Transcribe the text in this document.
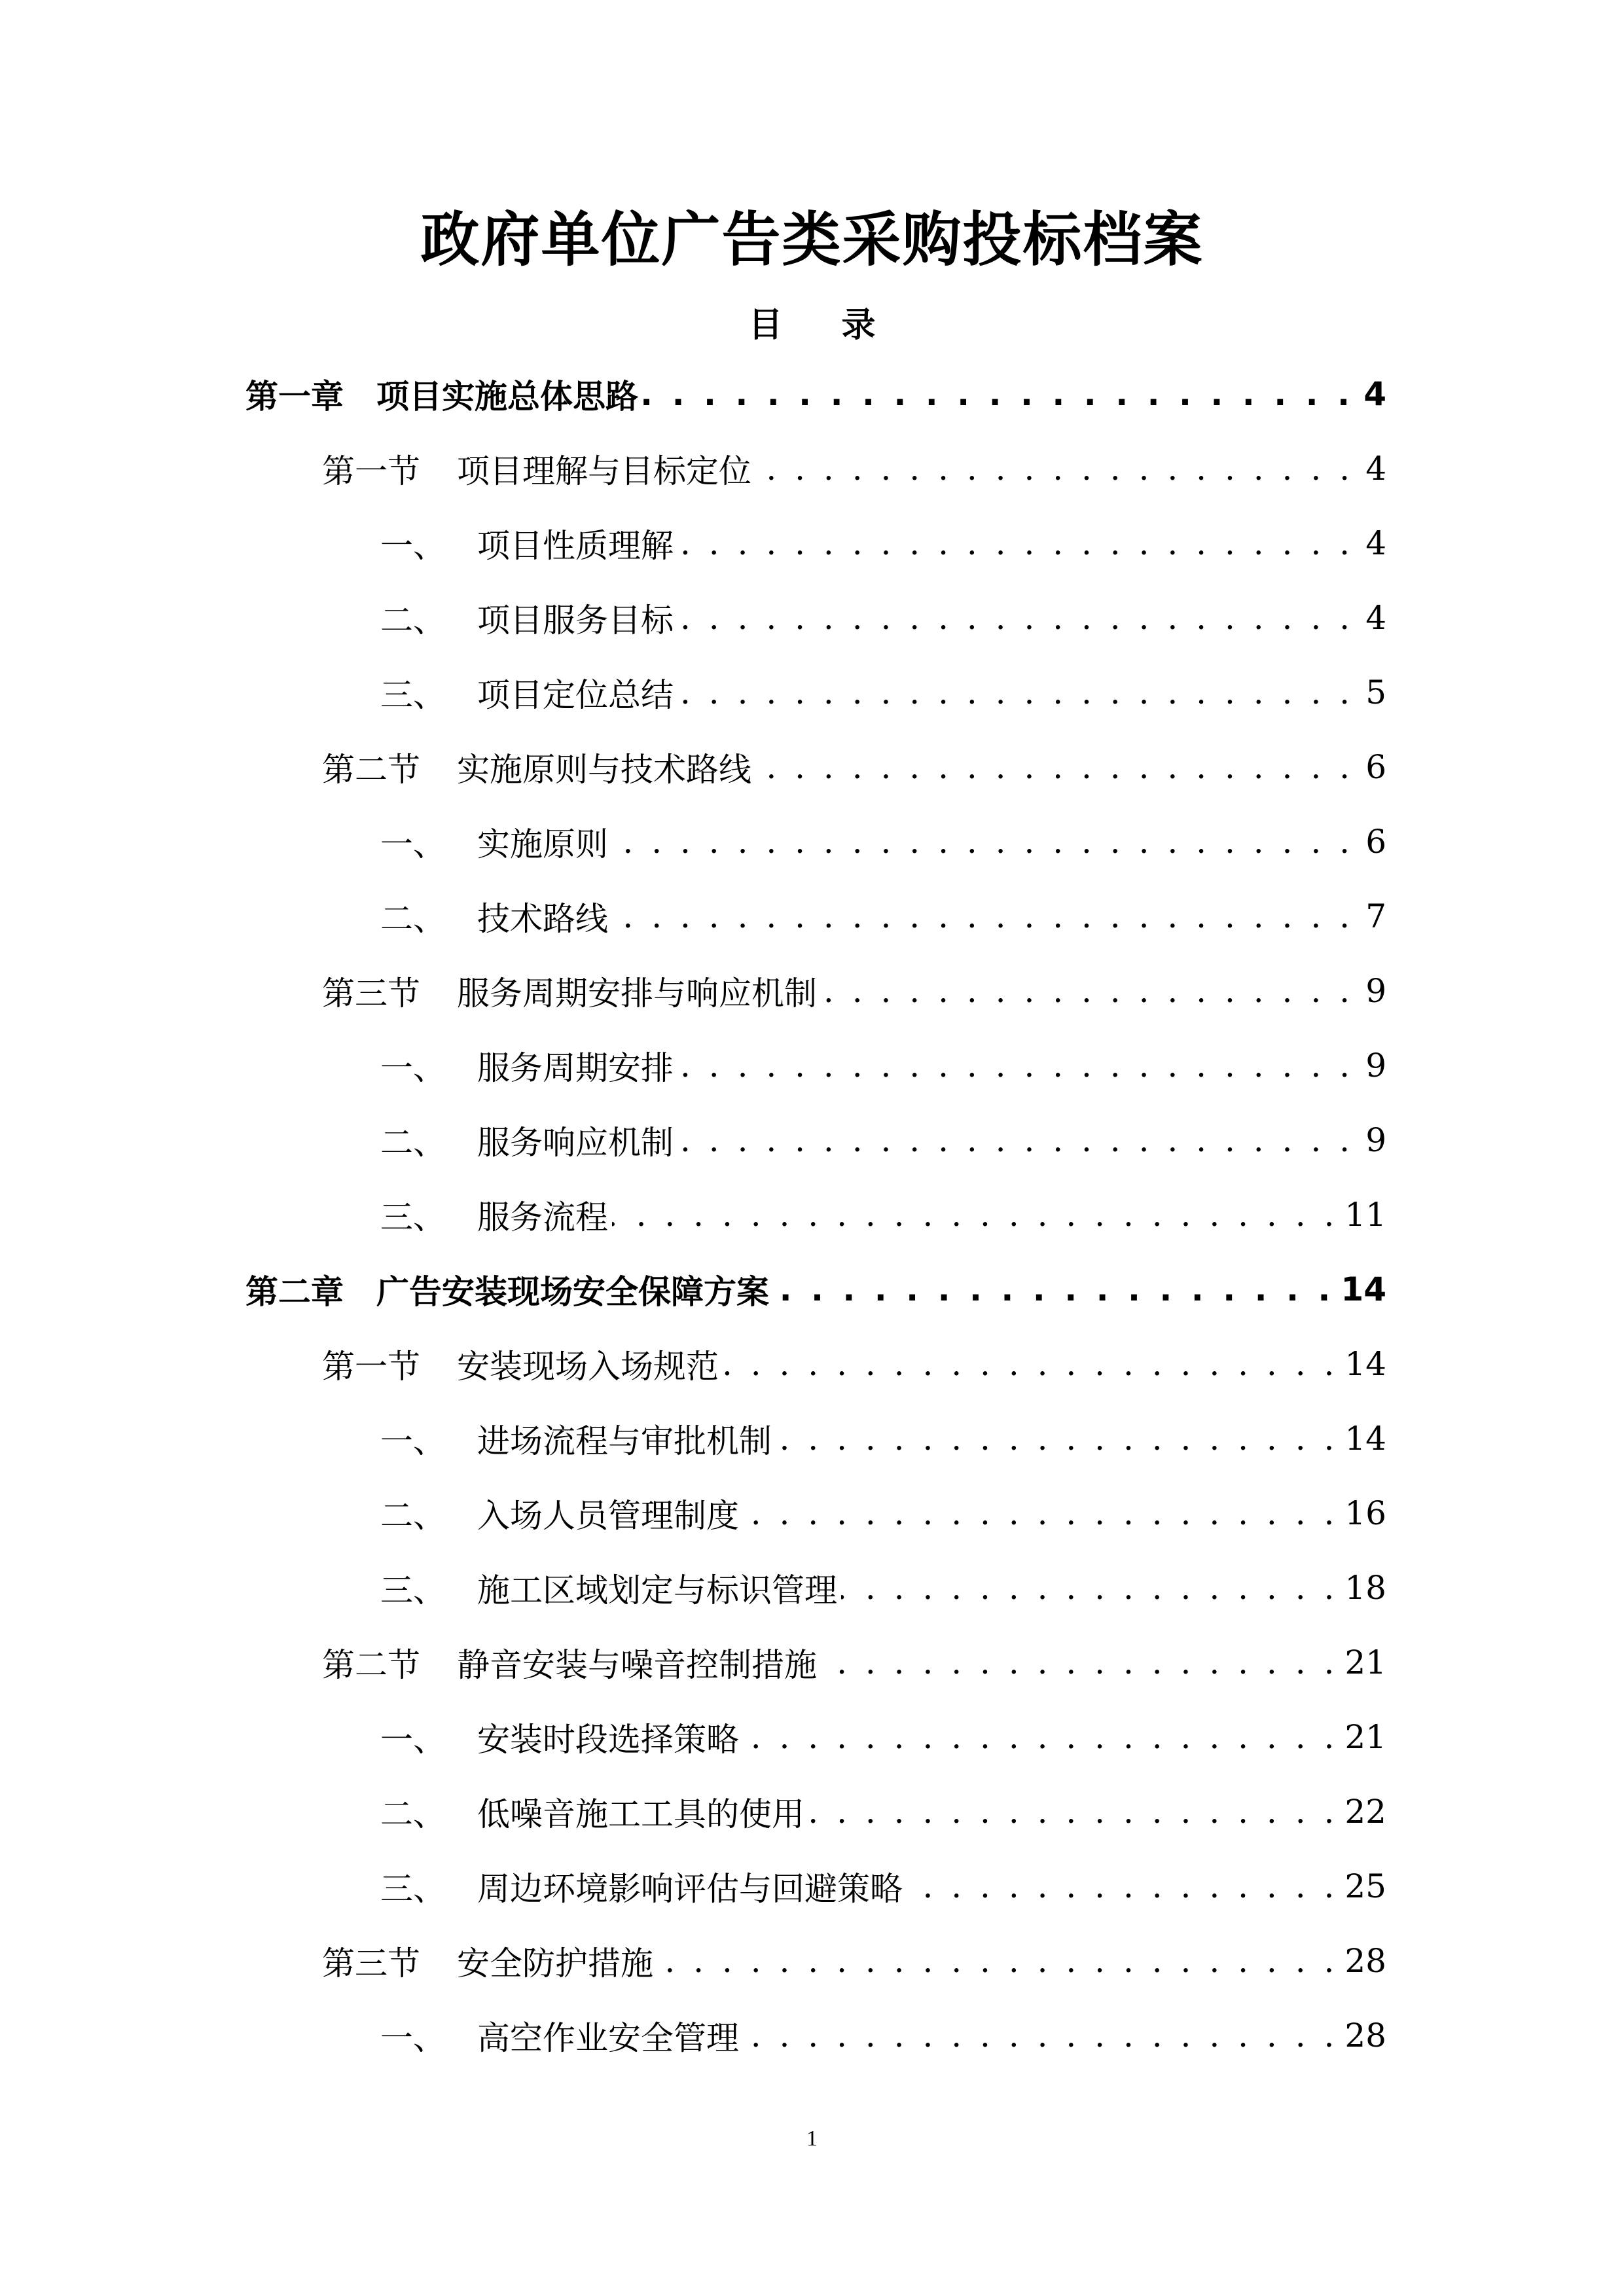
政府单位广告类采购投标档案
目 录
第一章	项目实施总体思路 . . .	4
第一节	项目理解与目标定位 . . .	4
一、 项目性质理解 . . .	4
二、 项目服务目标 . . .	4
三、 项目定位总结 . . .	5
第二节	实施原则与技术路线 . . .	6
一、 实施原则 . . .	6
二、 技术路线 . . .	7
第三节	服务周期安排与响应机制 . . .	9
一、 服务周期安排 . . .	9
二、 服务响应机制 . . .	9
三、 服务流程 . . .	11
第二章	广告安装现场安全保障方案 . . .	14
第一节	安装现场入场规范 . . .	14
一、 进场流程与审批机制 . . .	14
二、 入场人员管理制度 . . .	16
三、 施工区域划定与标识管理 . . .	18
第二节	静音安装与噪音控制措施 . . .	21
一、 安装时段选择策略 . . .	21
二、 低噪音施工工具的使用 . . .	22
三、 周边环境影响评估与回避策略 . . .	25
第三节	安全防护措施 . . .	28
一、 高空作业安全管理 . . .	28
1
